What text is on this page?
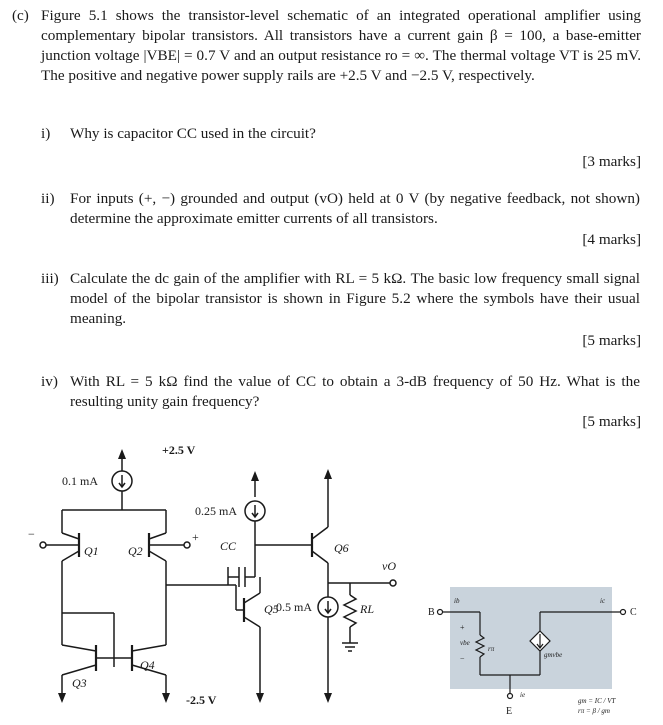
(c) Figure 5.1 shows the transistor-level schematic of an integrated operational amplifier using complementary bipolar transistors. All transistors have a current gain β = 100, a base-emitter junction voltage |VBE| = 0.7 V and an output resistance ro = ∞. The thermal voltage VT is 25 mV. The positive and negative power supply rails are +2.5 V and −2.5 V, respectively.
i) Why is capacitor CC used in the circuit?
[3 marks]
ii) For inputs (+, −) grounded and output (vO) held at 0 V (by negative feedback, not shown) determine the approximate emitter currents of all transistors.
[4 marks]
iii) Calculate the dc gain of the amplifier with RL = 5 kΩ. The basic low frequency small signal model of the bipolar transistor is shown in Figure 5.2 where the symbols have their usual meaning.
[5 marks]
iv) With RL = 5 kΩ find the value of CC to obtain a 3-dB frequency of 50 Hz. What is the resulting unity gain frequency?
[5 marks]
+2.5 V
0.1 mA
−
Q1
+
Q2
Q3
Q4
0.25 mA
CC
Q5
Q6
vO
0.5 mA	RL
-2.5 V
B
ib
rπ
+
vbe
−	gmvbe
C
ic
E
ie
gm = IC / VT
rπ = β / gm
